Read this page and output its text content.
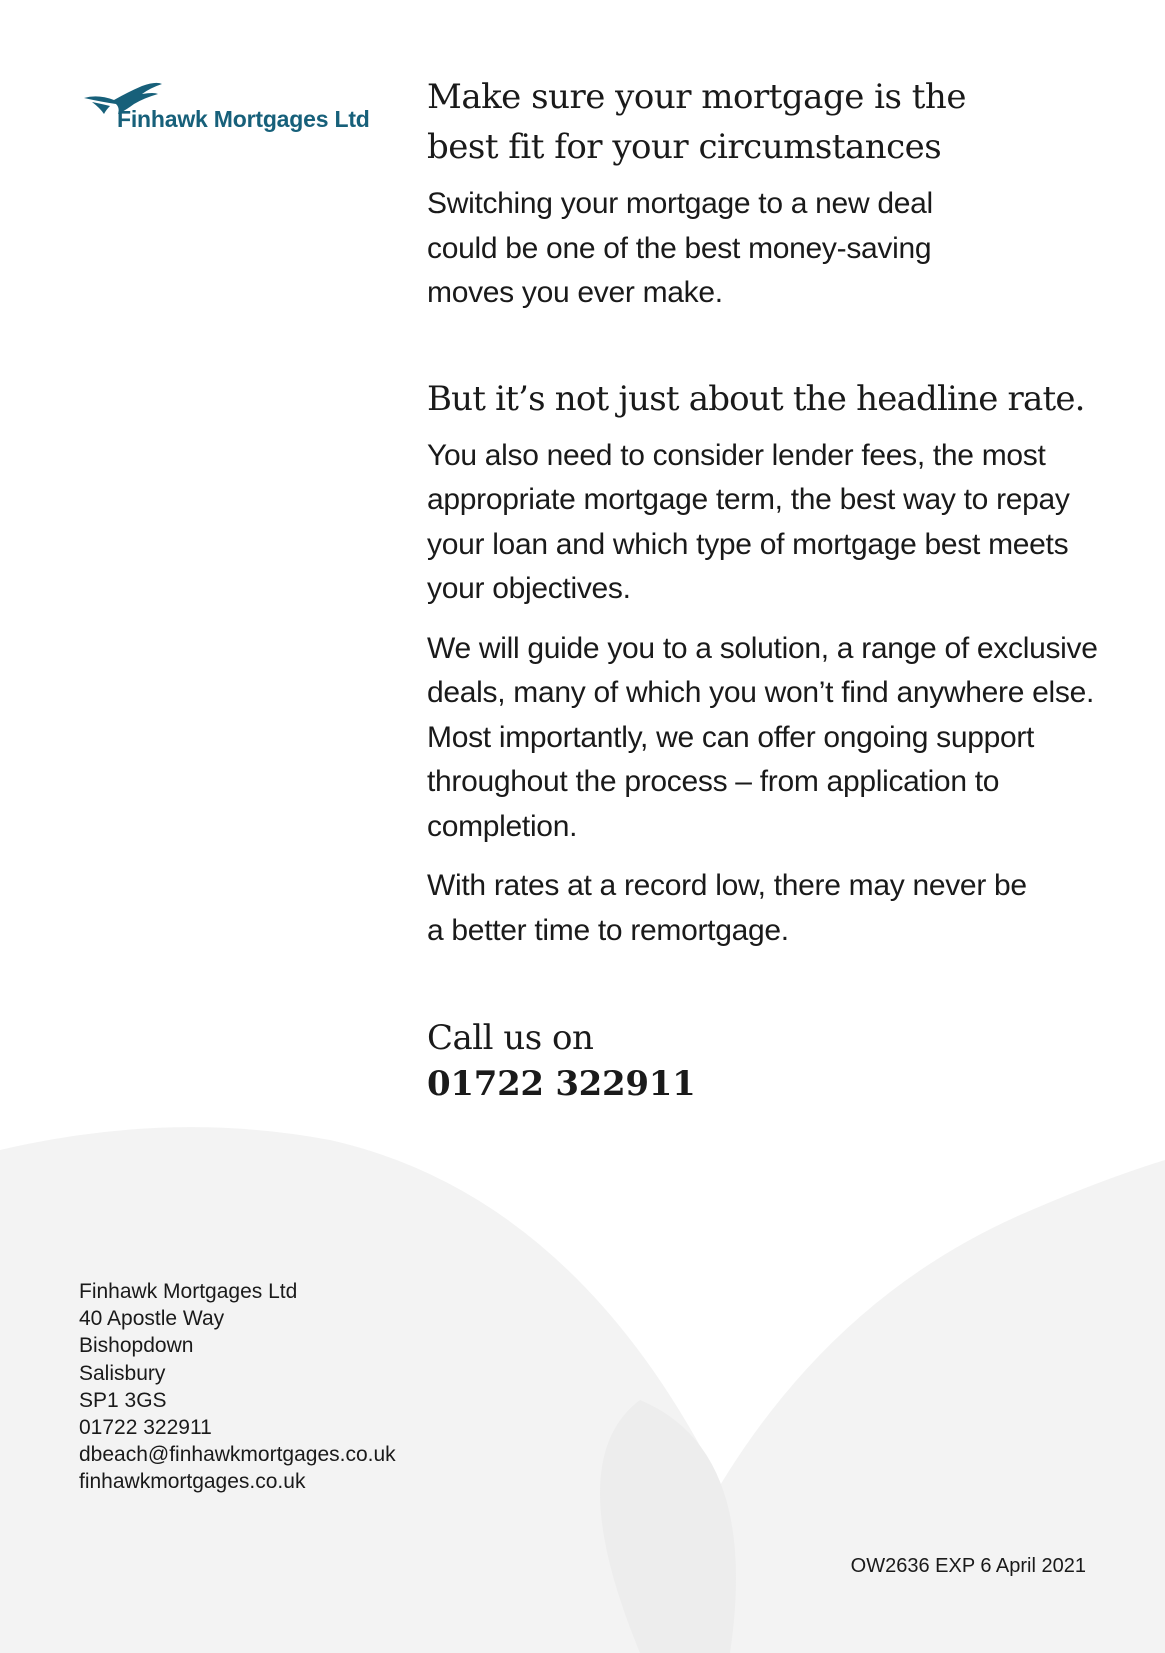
Finhawk Mortgages Ltd
Make sure your mortgage is the best fit for your circumstances

Switching your mortgage to a new deal could be one of the best money-saving moves you ever make.

But it’s not just about the headline rate.

You also need to consider lender fees, the most appropriate mortgage term, the best way to repay your loan and which type of mortgage best meets your objectives.

We will guide you to a solution, a range of exclusive deals, many of which you won’t find anywhere else. Most importantly, we can offer ongoing support throughout the process – from application to completion.

With rates at a record low, there may never be a better time to remortgage.

Call us on
01722 322911
Finhawk Mortgages Ltd
40 Apostle Way
Bishopdown
Salisbury
SP1 3GS
01722 322911
dbeach@finhawkmortgages.co.uk
finhawkmortgages.co.uk
OW2636 EXP 6 April 2021
